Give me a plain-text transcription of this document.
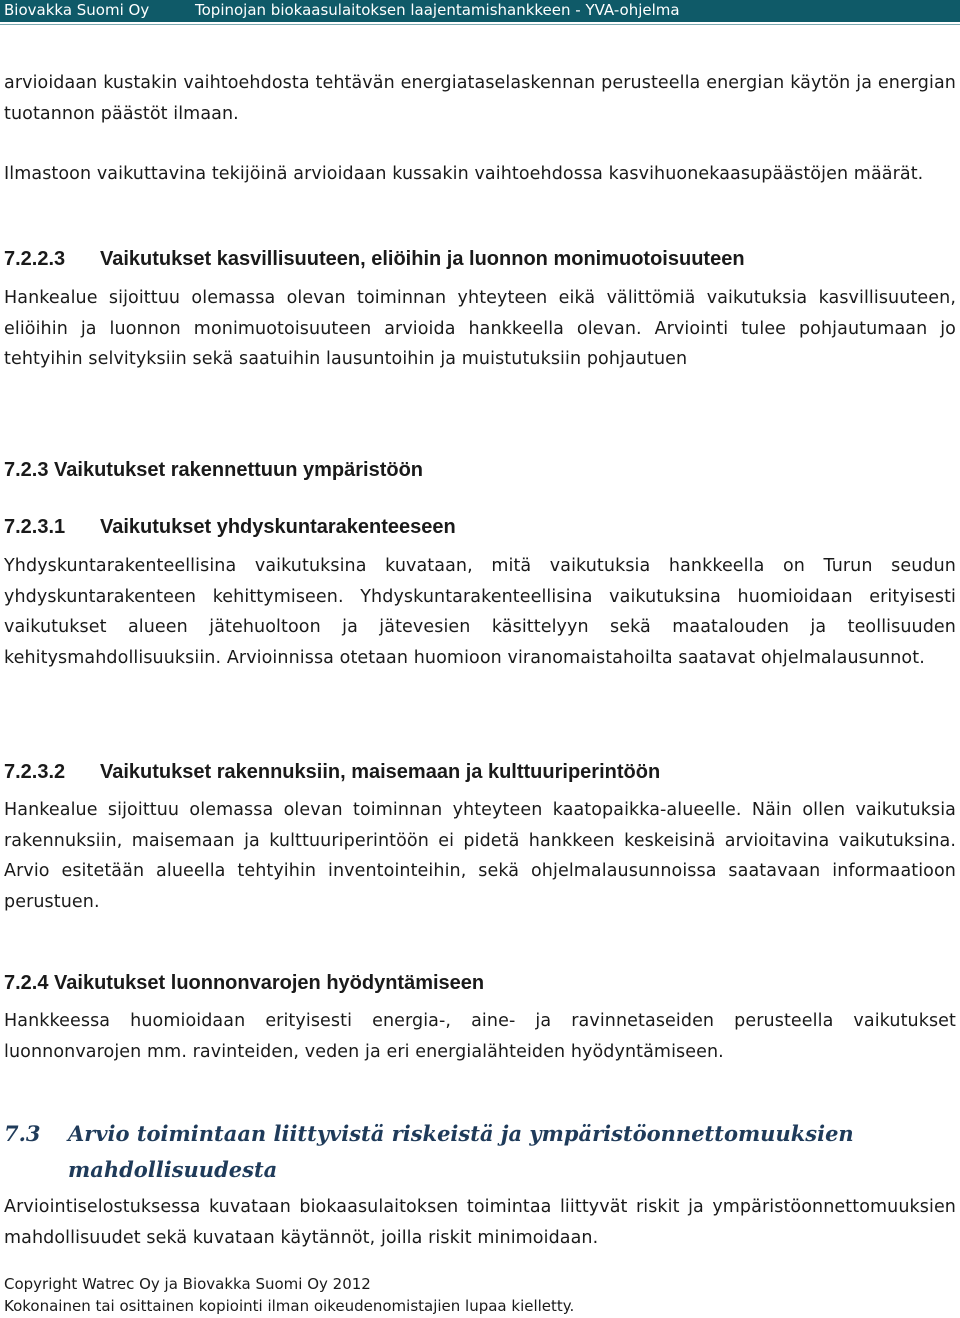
Biovakka Suomi Oy	Topinojan biokaasulaitoksen laajentamishankkeen - YVA-ohjelma

arvioidaan kustakin vaihtoehdosta tehtävän energiataselaskennan perusteella energian käytön ja energian tuotannon päästöt ilmaan.

Ilmastoon vaikuttavina tekijöinä arvioidaan kussakin vaihtoehdossa kasvihuonekaasupäästöjen määrät.

7.2.2.3 Vaikutukset kasvillisuuteen, eliöihin ja luonnon monimuotoisuuteen

Hankealue sijoittuu olemassa olevan toiminnan yhteyteen eikä välittömiä vaikutuksia kasvillisuuteen, eliöihin ja luonnon monimuotoisuuteen arvioida hankkeella olevan. Arviointi tulee pohjautumaan jo tehtyihin selvityksiin sekä saatuihin lausuntoihin ja muistutuksiin pohjautuen

7.2.3 Vaikutukset rakennettuun ympäristöön
7.2.3.1 Vaikutukset yhdyskuntarakenteeseen

Yhdyskuntarakenteellisina vaikutuksina kuvataan, mitä vaikutuksia hankkeella on Turun seudun yhdyskuntarakenteen kehittymiseen. Yhdyskuntarakenteellisina vaikutuksina huomioidaan erityisesti vaikutukset alueen jätehuoltoon ja jätevesien käsittelyyn sekä maatalouden ja teollisuuden kehitysmahdollisuuksiin. Arvioinnissa otetaan huomioon viranomaistahoilta saatavat ohjelmalausunnot.

7.2.3.2 Vaikutukset rakennuksiin, maisemaan ja kulttuuriperintöön

Hankealue sijoittuu olemassa olevan toiminnan yhteyteen kaatopaikka-alueelle. Näin ollen vaikutuksia rakennuksiin, maisemaan ja kulttuuriperintöön ei pidetä hankkeen keskeisinä arvioitavina vaikutuksina. Arvio esitetään alueella tehtyihin inventointeihin, sekä ohjelmalausunnoissa saatavaan informaatioon perustuen.

7.2.4 Vaikutukset luonnonvarojen hyödyntämiseen

Hankkeessa huomioidaan erityisesti energia-, aine- ja ravinnetaseiden perusteella vaikutukset luonnonvarojen mm. ravinteiden, veden ja eri energialähteiden hyödyntämiseen.

7.3 Arvio toimintaan liittyvistä riskeistä ja ympäristöonnettomuuksien mahdollisuudesta

Arviointiselostuksessa kuvataan biokaasulaitoksen toimintaa liittyvät riskit ja ympäristöonnettomuuksien mahdollisuudet sekä kuvataan käytännöt, joilla riskit minimoidaan.

Copyright Watrec Oy ja Biovakka Suomi Oy 2012
Kokonainen tai osittainen kopiointi ilman oikeudenomistajien lupaa kielletty.
